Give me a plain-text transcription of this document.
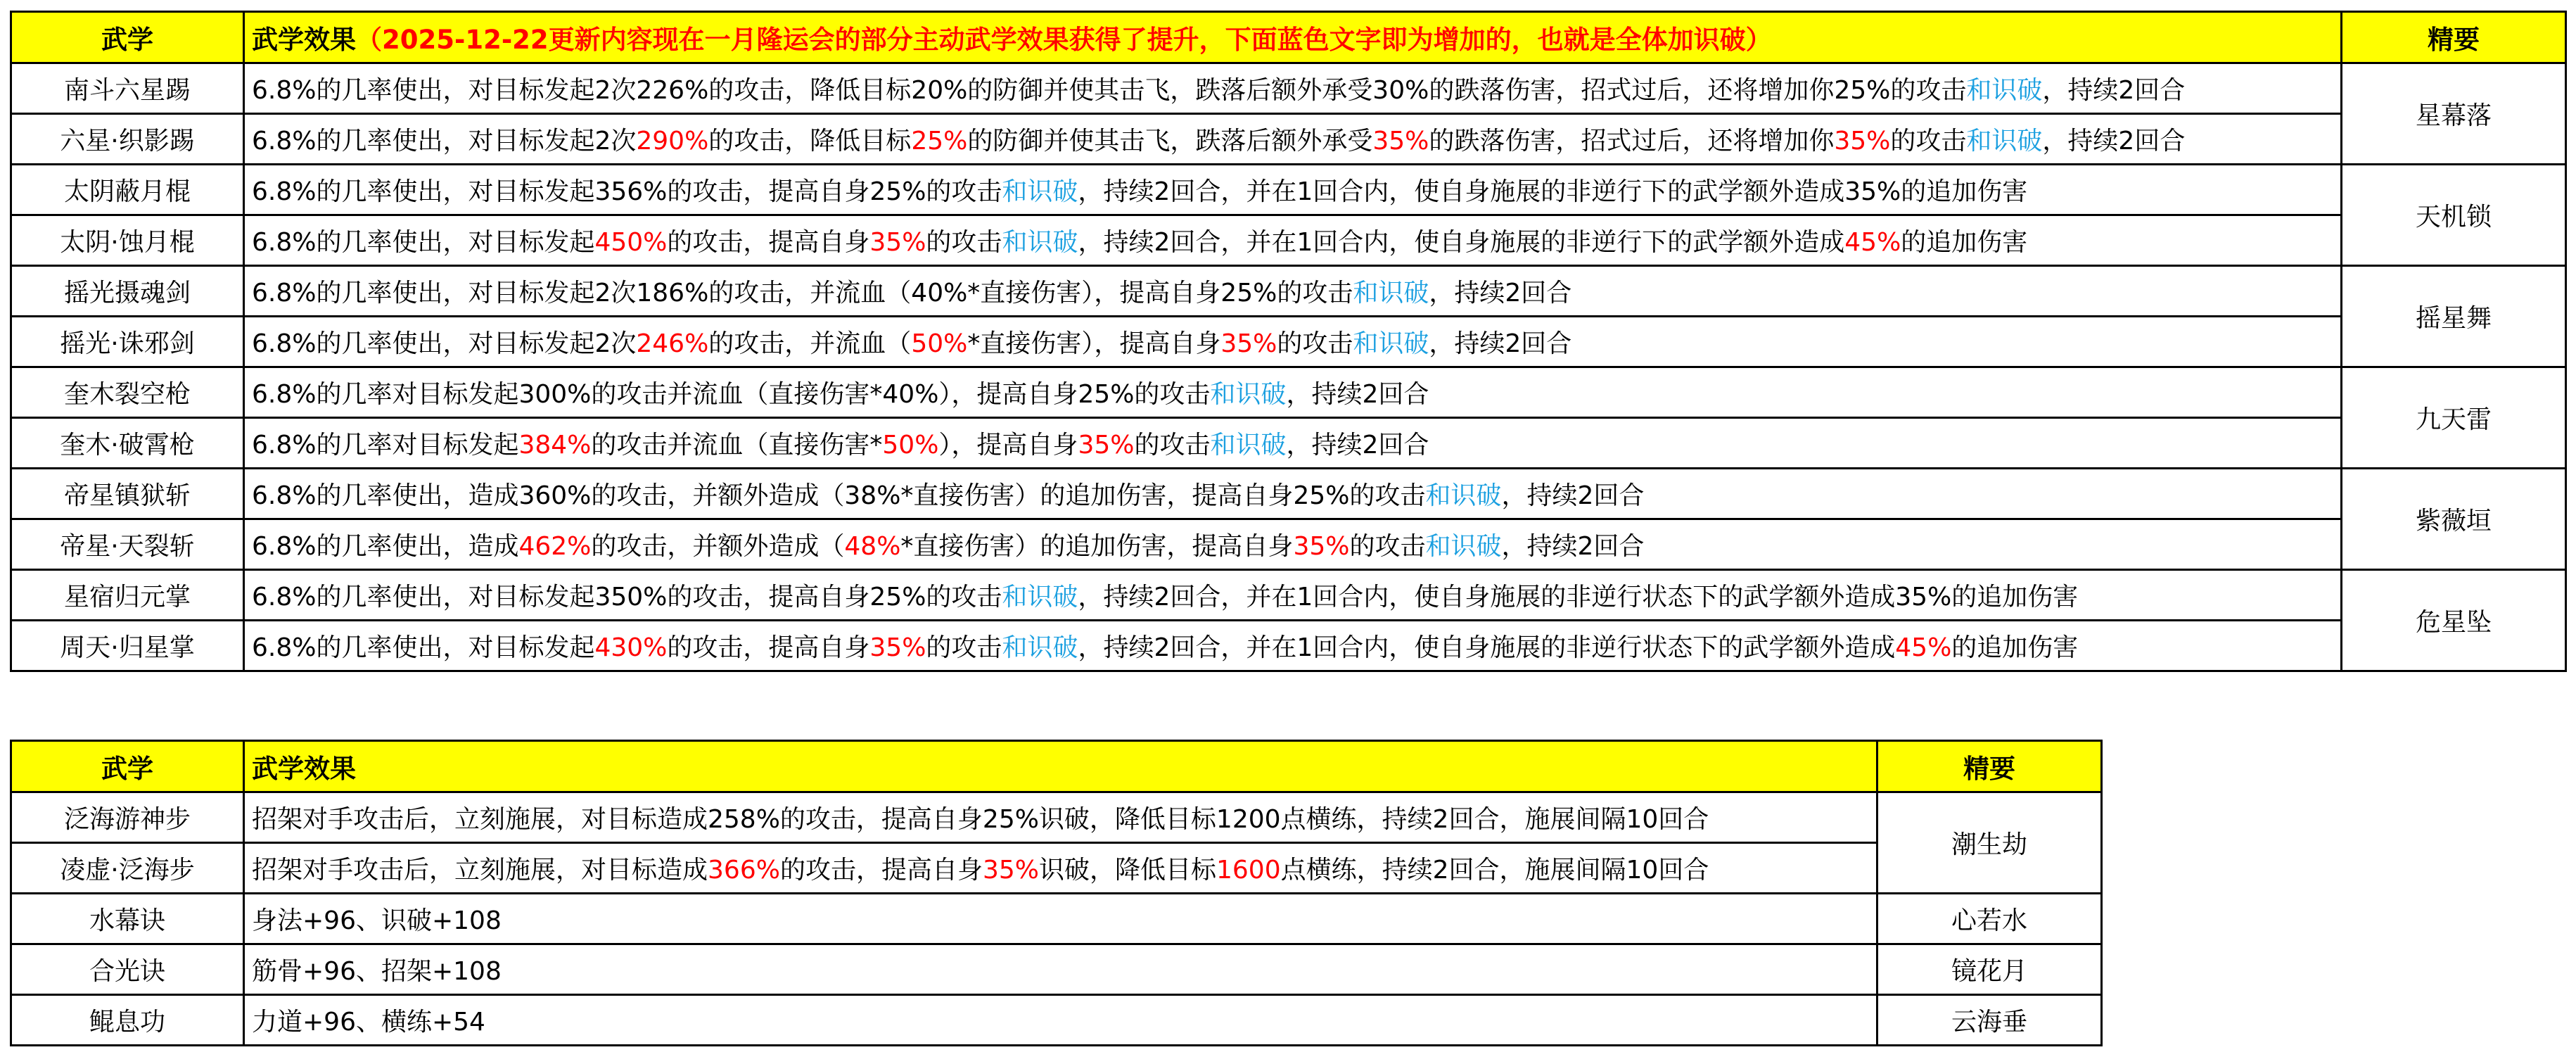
武学	武学效果（2025-12-22更新内容现在一月隆运会的部分主动武学效果获得了提升，下面蓝色文字即为增加的，也就是全体加识破）	精要
南斗六星踢	6.8%的几率使出，对目标发起2次226%的攻击，降低目标20%的防御并使其击飞，跌落后额外承受30%的跌落伤害，招式过后，还将增加你25%的攻击和识破，持续2回合	星幕落
六星·织影踢	6.8%的几率使出，对目标发起2次290%的攻击，降低目标25%的防御并使其击飞，跌落后额外承受35%的跌落伤害，招式过后，还将增加你35%的攻击和识破，持续2回合	
太阴蔽月棍	6.8%的几率使出，对目标发起356%的攻击，提高自身25%的攻击和识破，持续2回合，并在1回合内，使自身施展的非逆行下的武学额外造成35%的追加伤害	天机锁
太阴·蚀月棍	6.8%的几率使出，对目标发起450%的攻击，提高自身35%的攻击和识破，持续2回合，并在1回合内，使自身施展的非逆行下的武学额外造成45%的追加伤害	
摇光摄魂剑	6.8%的几率使出，对目标发起2次186%的攻击，并流血（40%*直接伤害），提高自身25%的攻击和识破，持续2回合	摇星舞
摇光·诛邪剑	6.8%的几率使出，对目标发起2次246%的攻击，并流血（50%*直接伤害），提高自身35%的攻击和识破，持续2回合	
奎木裂空枪	6.8%的几率对目标发起300%的攻击并流血（直接伤害*40%），提高自身25%的攻击和识破，持续2回合	九天雷
奎木·破霄枪	6.8%的几率对目标发起384%的攻击并流血（直接伤害*50%），提高自身35%的攻击和识破，持续2回合	
帝星镇狱斩	6.8%的几率使出，造成360%的攻击，并额外造成（38%*直接伤害）的追加伤害，提高自身25%的攻击和识破，持续2回合	紫薇垣
帝星·天裂斩	6.8%的几率使出，造成462%的攻击，并额外造成（48%*直接伤害）的追加伤害，提高自身35%的攻击和识破，持续2回合	
星宿归元掌	6.8%的几率使出，对目标发起350%的攻击，提高自身25%的攻击和识破，持续2回合，并在1回合内，使自身施展的非逆行状态下的武学额外造成35%的追加伤害	危星坠
周天·归星掌	6.8%的几率使出，对目标发起430%的攻击，提高自身35%的攻击和识破，持续2回合，并在1回合内，使自身施展的非逆行状态下的武学额外造成45%的追加伤害	
武学	武学效果	精要
泛海游神步	招架对手攻击后，立刻施展，对目标造成258%的攻击，提高自身25%识破，降低目标1200点横练，持续2回合，施展间隔10回合	潮生劫
凌虚·泛海步	招架对手攻击后，立刻施展，对目标造成366%的攻击，提高自身35%识破，降低目标1600点横练，持续2回合，施展间隔10回合	
水幕诀	身法+96、识破+108	心若水
合光诀	筋骨+96、招架+108	镜花月
鲲息功	力道+96、横练+54	云海垂
